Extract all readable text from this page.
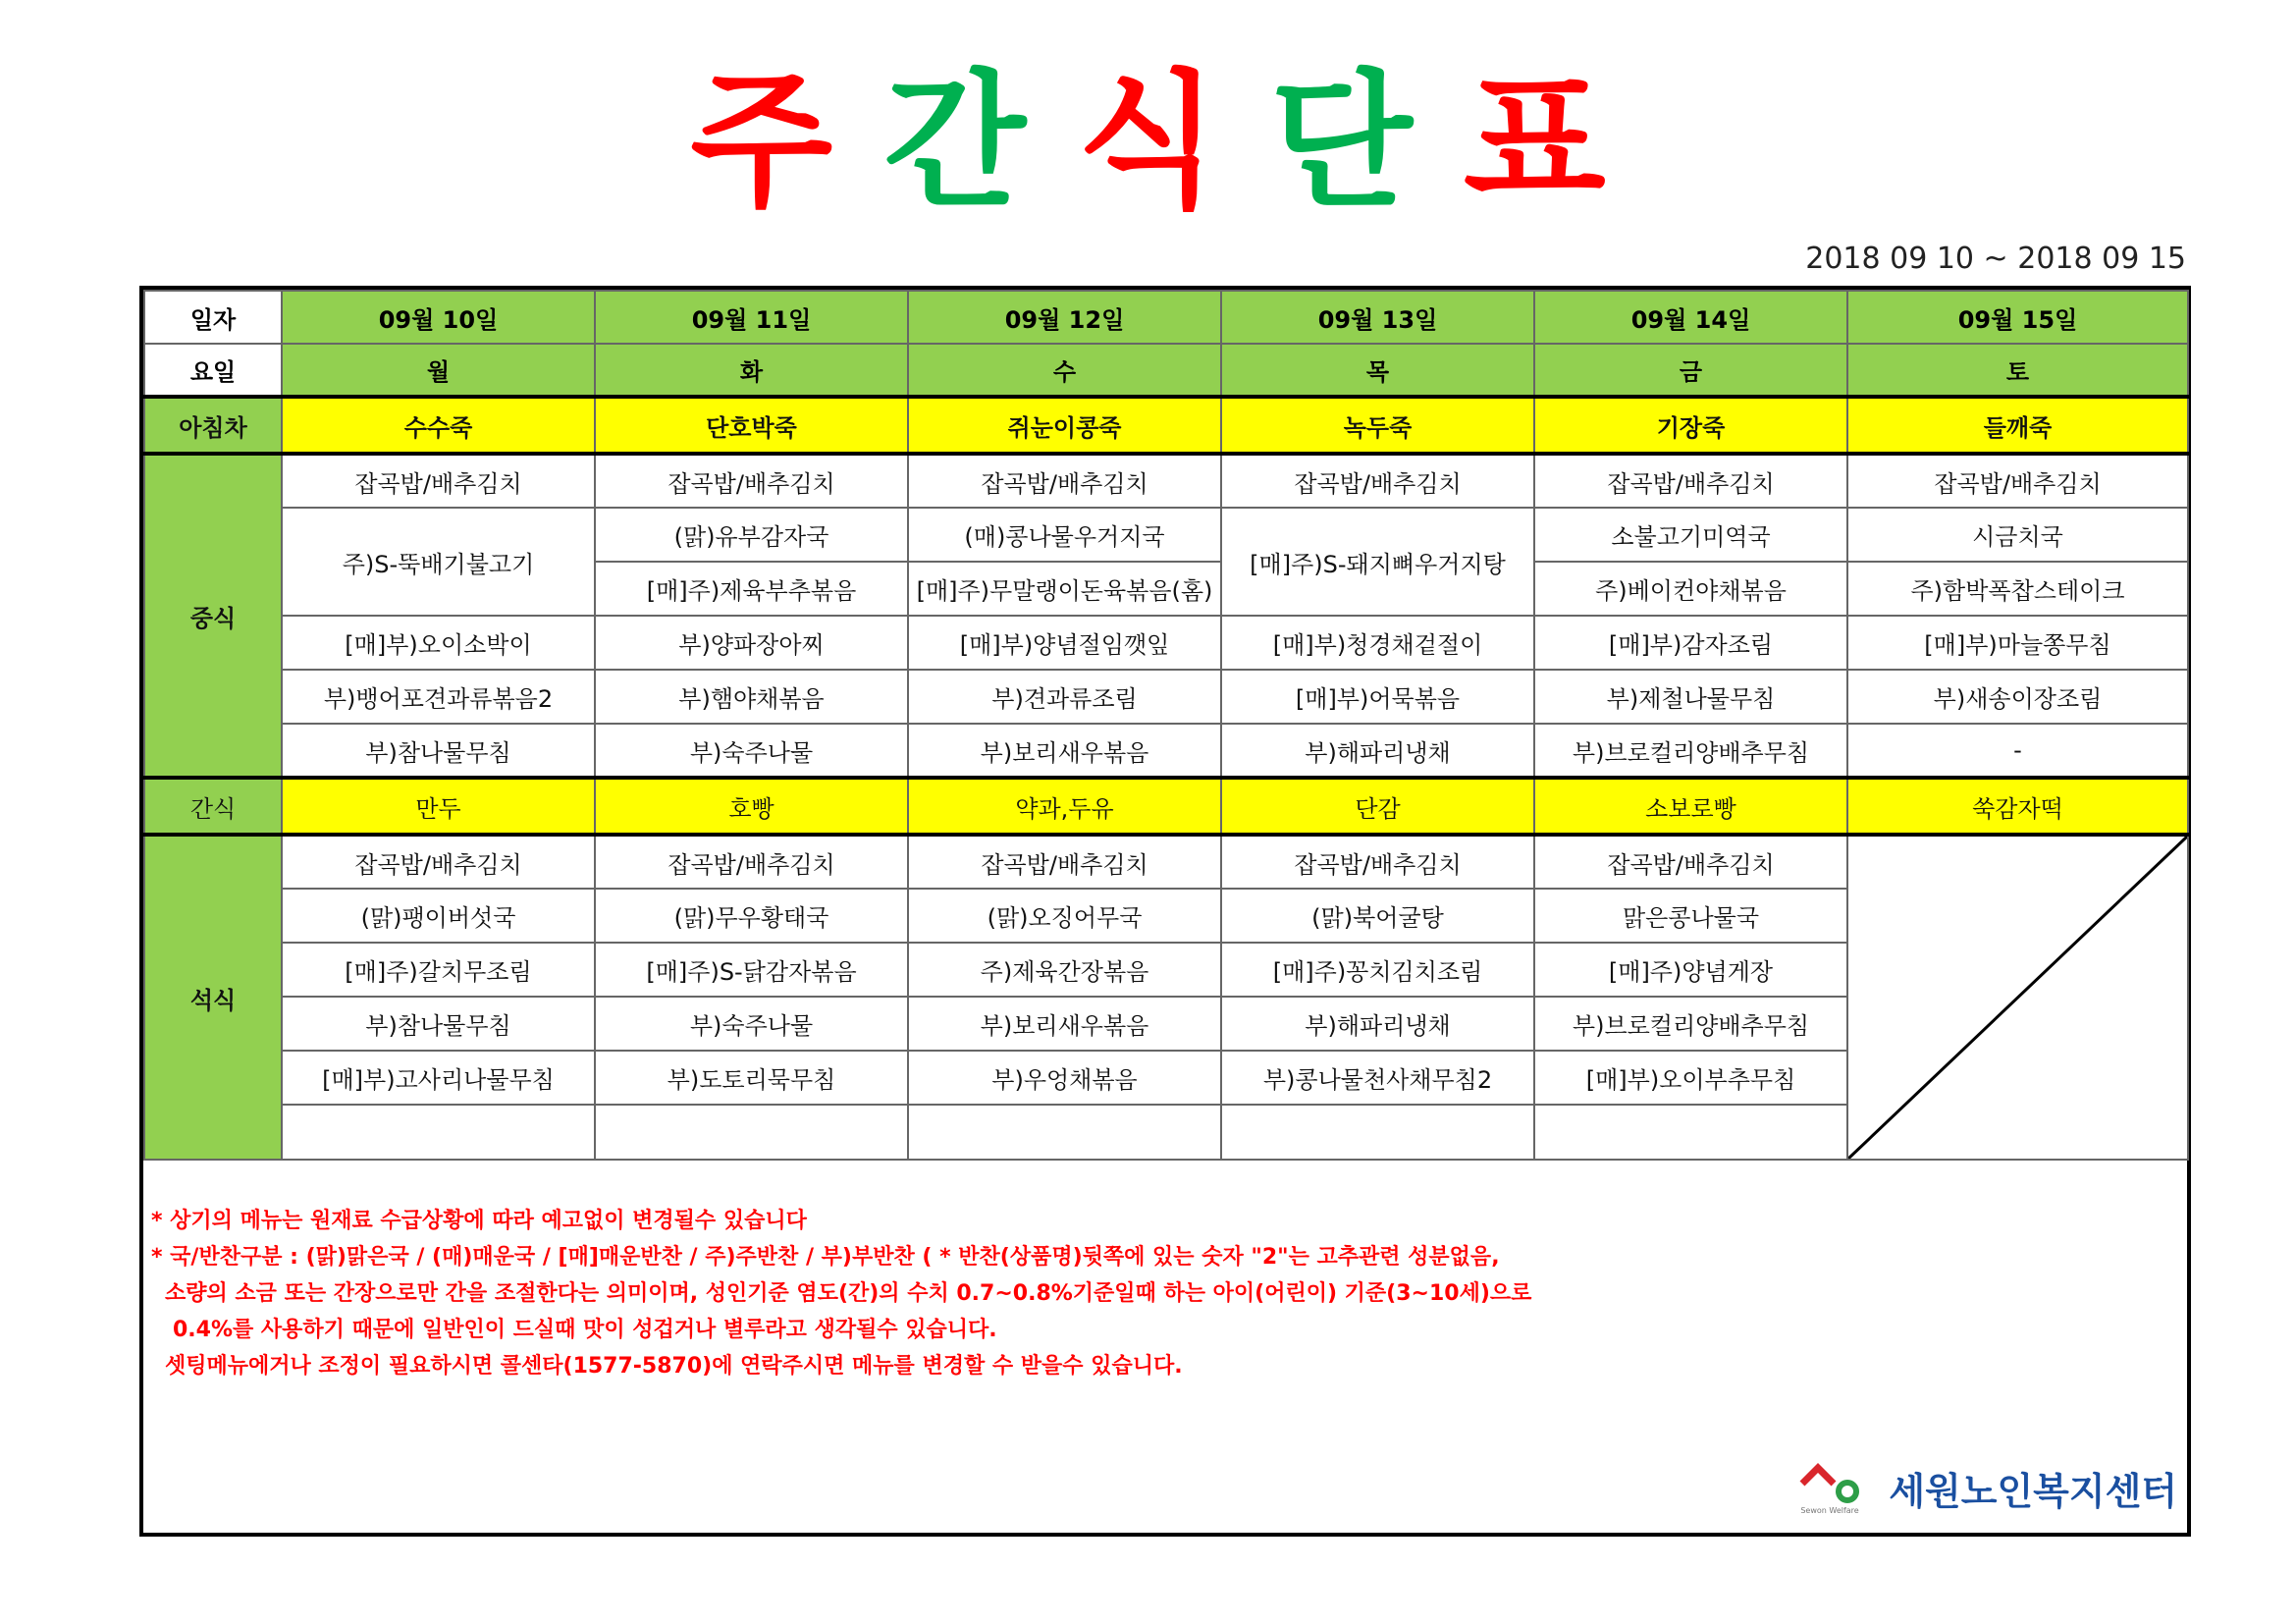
주 간 식 단 표
2018 09 10 ~ 2018 09 15
일자	09월 10일	09월 11일	09월 12일	09월 13일	09월 14일	09월 15일
요일	월	화	수	목	금	토
아침차	수수죽	단호박죽	쥐눈이콩죽	녹두죽	기장죽	들깨죽
중식	잡곡밥/배추김치	잡곡밥/배추김치	잡곡밥/배추김치	잡곡밥/배추김치	잡곡밥/배추김치	잡곡밥/배추김치
	주)S-뚝배기불고기	(맑)유부감자국	(매)콩나물우거지국	[매]주)S-돼지뼈우거지탕	소불고기미역국	시금치국
		[매]주)제육부추볶음	[매]주)무말랭이돈육볶음(홈)		주)베이컨야채볶음	주)함박폭찹스테이크
	[매]부)오이소박이	부)양파장아찌	[매]부)양념절임깻잎	[매]부)청경채겉절이	[매]부)감자조림	[매]부)마늘쫑무침
	부)뱅어포견과류볶음2	부)햄야채볶음	부)견과류조림	[매]부)어묵볶음	부)제철나물무침	부)새송이장조림
	부)참나물무침	부)숙주나물	부)보리새우볶음	부)해파리냉채	부)브로컬리양배추무침	-
간식	만두	호빵	약과,두유	단감	소보로빵	쑥감자떡
석식	잡곡밥/배추김치	잡곡밥/배추김치	잡곡밥/배추김치	잡곡밥/배추김치	잡곡밥/배추김치	

	(맑)팽이버섯국	(맑)무우황태국	(맑)오징어무국	(맑)북어굴탕	맑은콩나물국	
	[매]주)갈치무조림	[매]주)S-닭감자볶음	주)제육간장볶음	[매]주)꽁치김치조림	[매]주)양념게장	
	부)참나물무침	부)숙주나물	부)보리새우볶음	부)해파리냉채	부)브로컬리양배추무침	
	[매]부)고사리나물무침	부)도토리묵무침	부)우엉채볶음	부)콩나물천사채무침2	[매]부)오이부추무침	

* 상기의 메뉴는 원재료 수급상황에 따라 예고없이 변경될수 있습니다
* 국/반찬구분 : (맑)맑은국 / (매)매운국 / [매]매운반찬 / 주)주반찬 / 부)부반찬 ( * 반찬(상품명)뒷쪽에 있는 숫자 "2"는 고추관련 성분없음,
소량의 소금 또는 간장으로만 간을 조절한다는 의미이며, 성인기준 염도(간)의 수치 0.7~0.8%기준일때 하는 아이(어린이) 기준(3~10세)으로
0.4%를 사용하기 때문에 일반인이 드실때 맛이 성겁거나 별루라고 생각될수 있습니다.
셋팅메뉴에거나 조정이 필요하시면 콜센타(1577-5870)에 연락주시면 메뉴를 변경할 수 받을수 있습니다.
Sewon Welfare 세원노인복지센터
